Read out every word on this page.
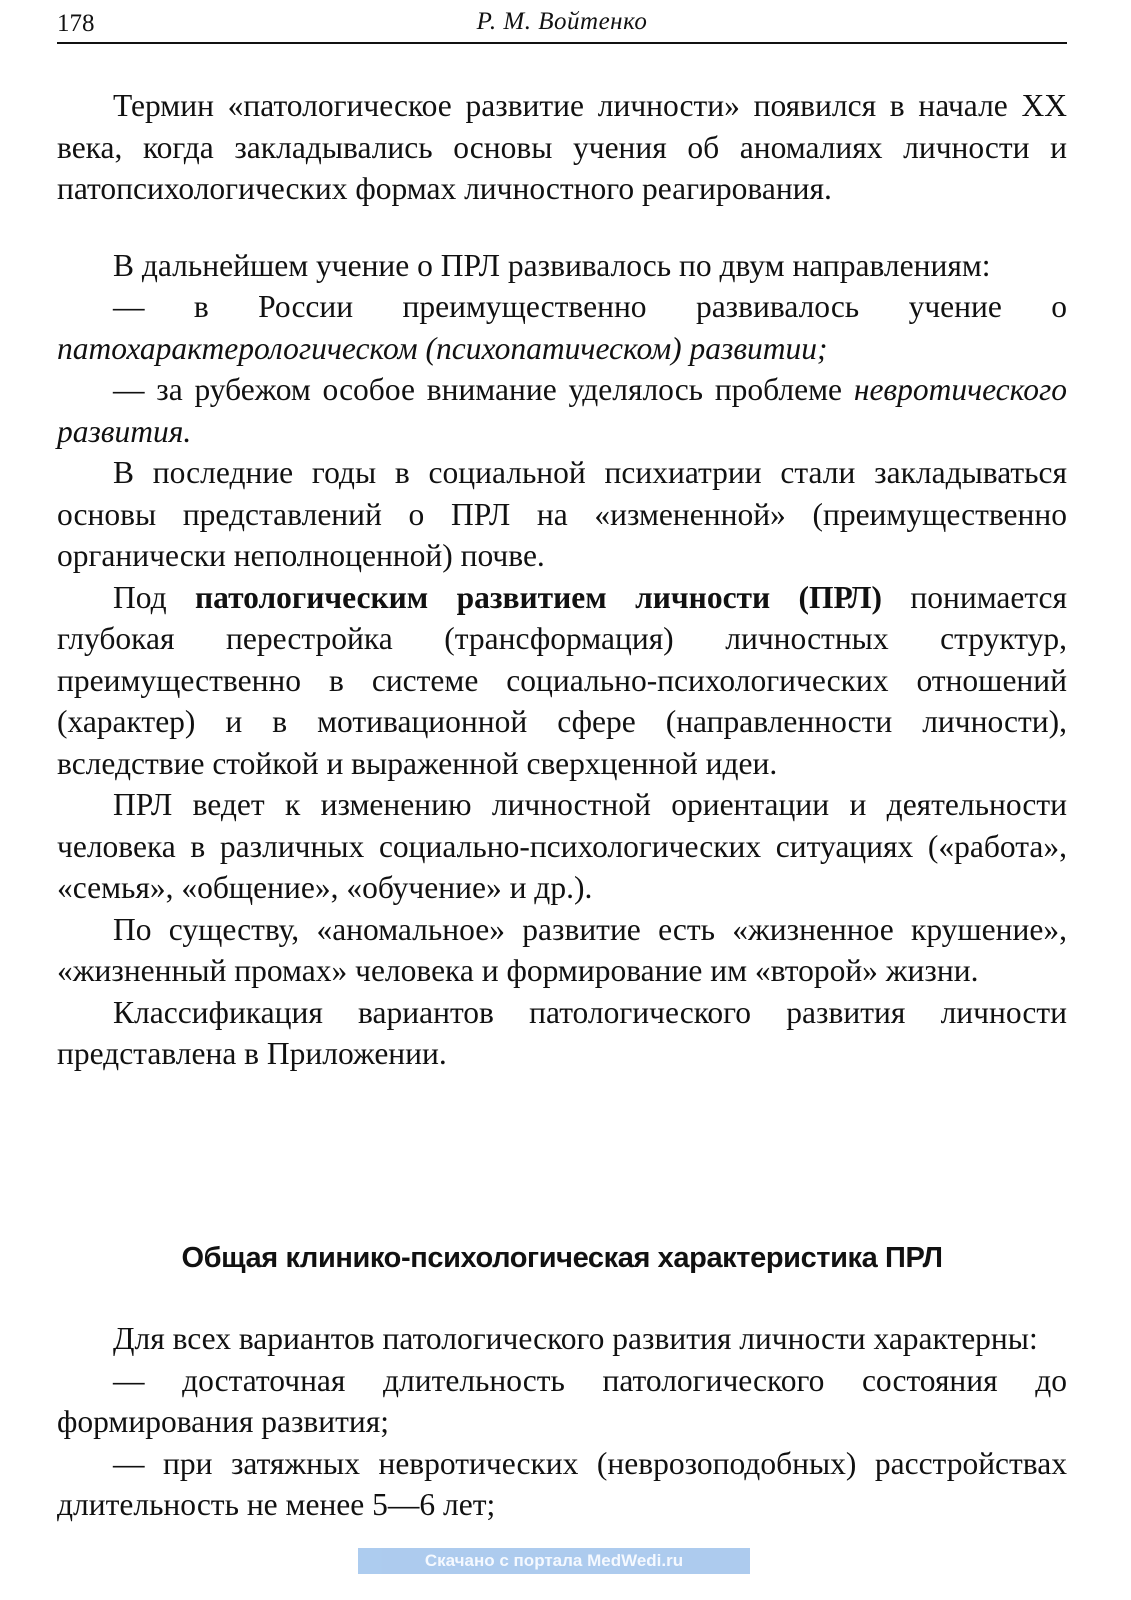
178	Р. М. Войтенко

Термин «патологическое развитие личности» появился в начале XX века, когда закладывались основы учения об аномалиях личности и патопсихологических формах личностного реагирования.

В дальнейшем учение о ПРЛ развивалось по двум направлениям:

— в России преимущественно развивалось учение о патохарактерологическом (психопатическом) развитии;

— за рубежом особое внимание уделялось проблеме невротического развития.

В последние годы в социальной психиатрии стали закладываться основы представлений о ПРЛ на «измененной» (преимущественно органически неполноценной) почве.

Под патологическим развитием личности (ПРЛ) понимается глубокая перестройка (трансформация) личностных структур, преимущественно в системе социально-психологических отношений (характер) и в мотивационной сфере (направленности личности), вследствие стойкой и выраженной сверхценной идеи.

ПРЛ ведет к изменению личностной ориентации и деятельности человека в различных социально-психологических ситуациях («работа», «семья», «общение», «обучение» и др.).

По существу, «аномальное» развитие есть «жизненное крушение», «жизненный промах» человека и формирование им «второй» жизни.

Классификация вариантов патологического развития личности представлена в Приложении.

Общая клинико-психологическая характеристика ПРЛ

Для всех вариантов патологического развития личности характерны:

— достаточная длительность патологического состояния до формирования развития;

— при затяжных невротических (неврозоподобных) расстройствах длительность не менее 5—6 лет;

Скачано с портала MedWedi.ru
